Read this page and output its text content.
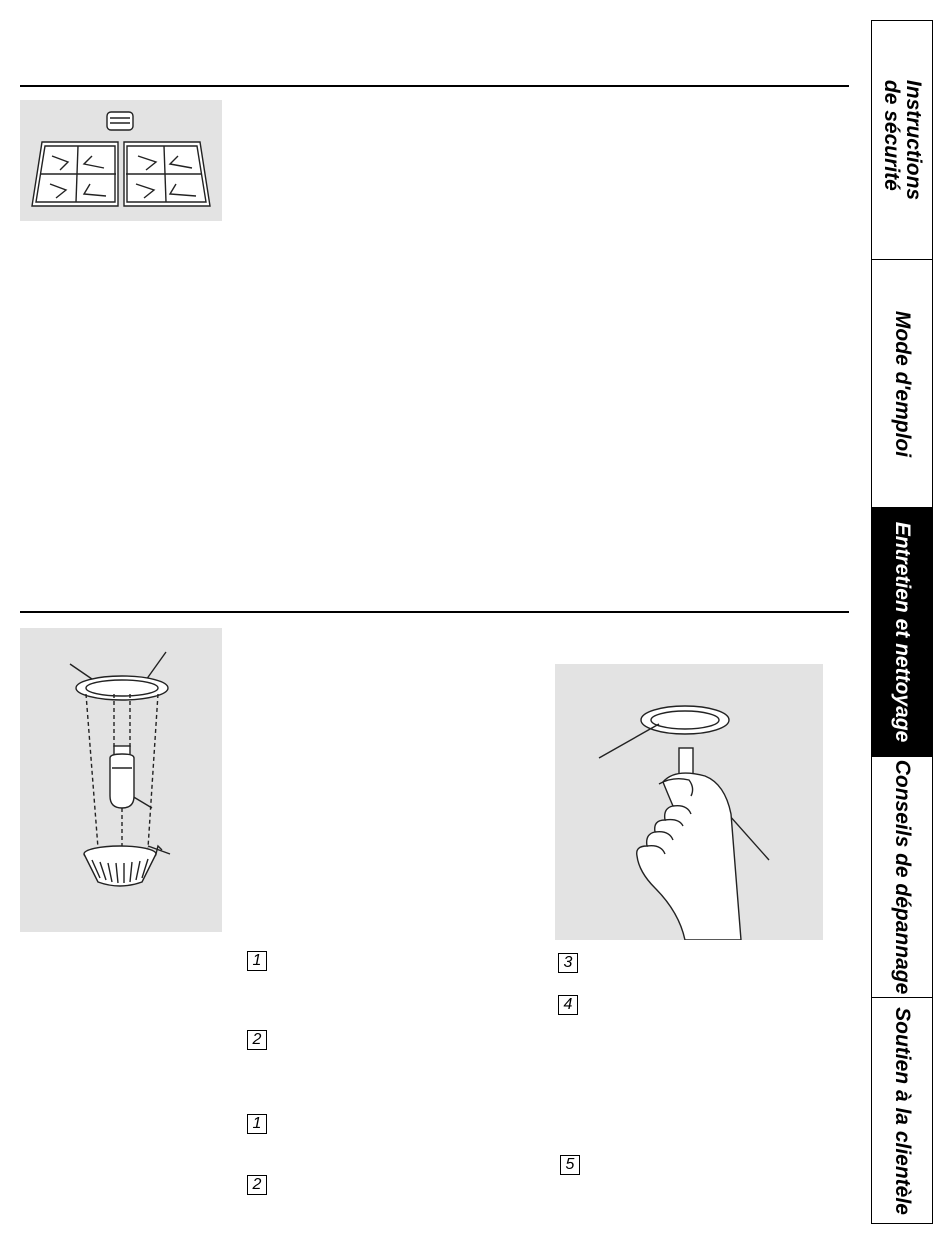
1
2
1
2
3
4
5
Instructions
de sécurité
Mode d'emploi
Entretien et nettoyage
Conseils de dépannage
Soutien à la clientèle
